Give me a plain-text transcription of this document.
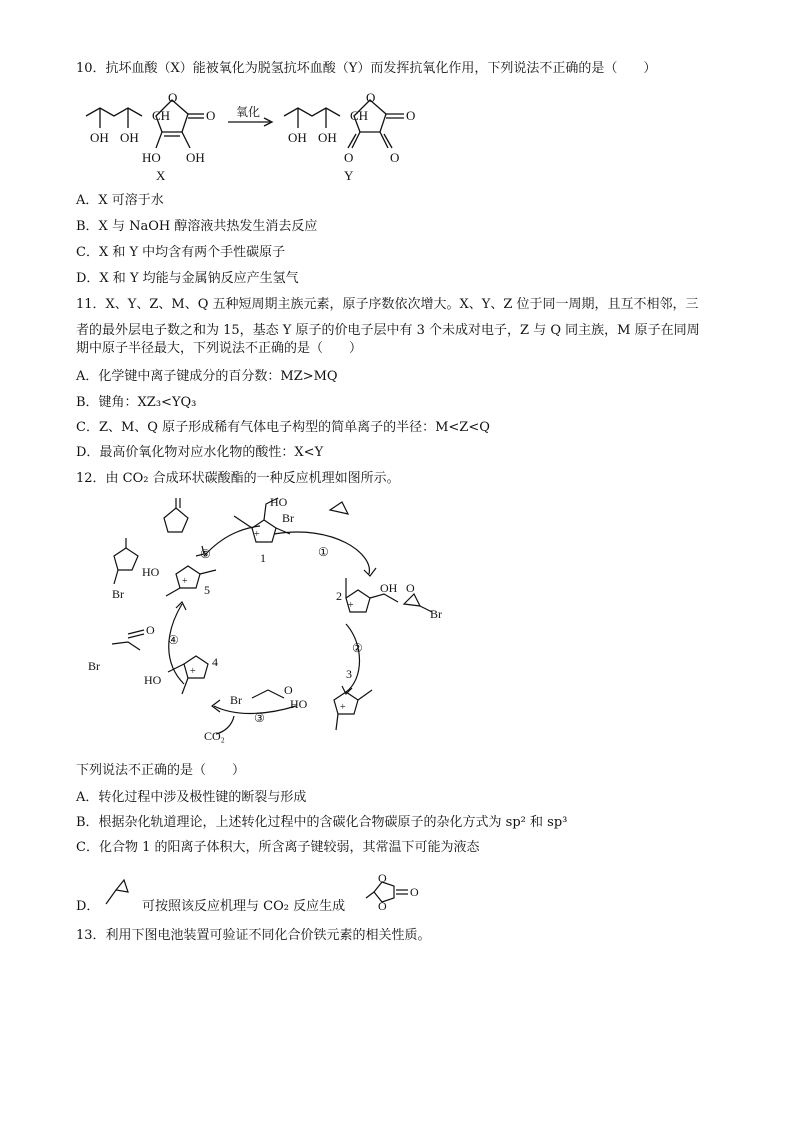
10．抗坏血酸（X）能被氧化为脱氢抗坏血酸（Y）而发挥抗氧化作用，下列说法不正确的是（　　）
OH OH
CH
O
O
HO OH
X
氧化
OH OH
CH
O
O
O	O
Y
A．X 可溶于水
B．X 与 NaOH 醇溶液共热发生消去反应
C．X 和 Y 中均含有两个手性碳原子
D．X 和 Y 均能与金属钠反应产生氢气
11．X、Y、Z、M、Q 五种短周期主族元素，原子序数依次增大。X、Y、Z 位于同一周期，且互不相邻，三
者的最外层电子数之和为 15，基态 Y 原子的价电子层中有 3 个未成对电子，Z 与 Q 同主族，M 原子在同周
期中原子半径最大，下列说法不正确的是（　　）
A．化学键中离子键成分的百分数：MZ>MQ
B．键角：XZ₃<YQ₃
C．Z、M、Q 原子形成稀有气体电子构型的简单离子的半径：M<Z<Q
D．最高价氧化物对应水化物的酸性：X<Y
12．由 CO₂ 合成环状碳酸酯的一种反应机理如图所示。
HO
Br
+
1	①
2
+
OH O
Br
②
3
+
HO
Br
O
③
CO₂
4
+
HO
Br
O
④
5
+
HO
Br
⑤
下列说法不正确的是（　　）
A．转化过程中涉及极性键的断裂与形成
B．根据杂化轨道理论，上述转化过程中的含碳化合物碳原子的杂化方式为 sp² 和 sp³
C．化合物 1 的阳离子体积大，所含离子键较弱，其常温下可能为液态
D．	可按照该反应机理与 CO₂ 反应生成
O
O
O
13．利用下图电池装置可验证不同化合价铁元素的相关性质。
